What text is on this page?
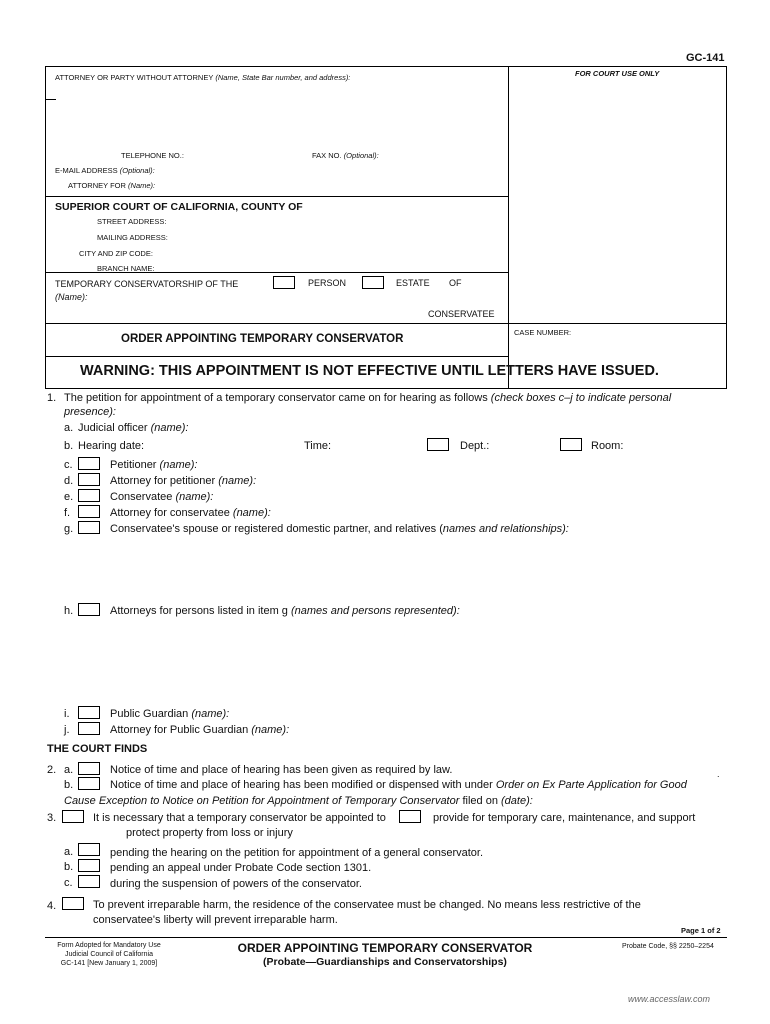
GC-141
ATTORNEY OR PARTY WITHOUT ATTORNEY (Name, State Bar number, and address):	FOR COURT USE ONLY
TELEPHONE NO.:	FAX NO. (Optional):
E-MAIL ADDRESS (Optional):
ATTORNEY FOR (Name):
SUPERIOR COURT OF CALIFORNIA, COUNTY OF
STREET ADDRESS:
MAILING ADDRESS:
CITY AND ZIP CODE:
BRANCH NAME:
TEMPORARY CONSERVATORSHIP OF THE	PERSON	ESTATE OF
(Name):
CONSERVATEE
ORDER APPOINTING TEMPORARY CONSERVATOR
CASE NUMBER:
WARNING: THIS APPOINTMENT IS NOT EFFECTIVE UNTIL LETTERS HAVE ISSUED.
1. The petition for appointment of a temporary conservator came on for hearing as follows (check boxes c–j to indicate personal
presence):
a. Judicial officer (name):
b. Hearing date:	Time:	Dept.:	Room:
c.	Petitioner (name):
d.	Attorney for petitioner (name):
e.	Conservatee (name):
f.	Attorney for conservatee (name):
g.	Conservatee's spouse or registered domestic partner, and relatives (names and relationships):
h.	Attorneys for persons listed in item g (names and persons represented):
i.	Public Guardian (name):
j.	Attorney for Public Guardian (name):
THE COURT FINDS
2. a.	Notice of time and place of hearing has been given as required by law.
b.	Notice of time and place of hearing has been modified or dispensed with under Order on Ex Parte Application for Good
Cause Exception to Notice on Petition for Appointment of Temporary Conservator filed on (date):
.
3.	It is necessary that a temporary conservator be appointed to	provide for temporary care, maintenance, and support
protect property from loss or injury
a.	pending the hearing on the petition for appointment of a general conservator.
b.	pending an appeal under Probate Code section 1301.
c.	during the suspension of powers of the conservator.
4.	To prevent irreparable harm, the residence of the conservatee must be changed. No means less restrictive of the
conservatee's liberty will prevent irreparable harm.
Page 1 of 2
Form Adopted for Mandatory Use
Judicial Council of California
GC-141 [New January 1, 2009]
ORDER APPOINTING TEMPORARY CONSERVATOR
(Probate—Guardianships and Conservatorships)
Probate Code, §§ 2250–2254
www.accesslaw.com
